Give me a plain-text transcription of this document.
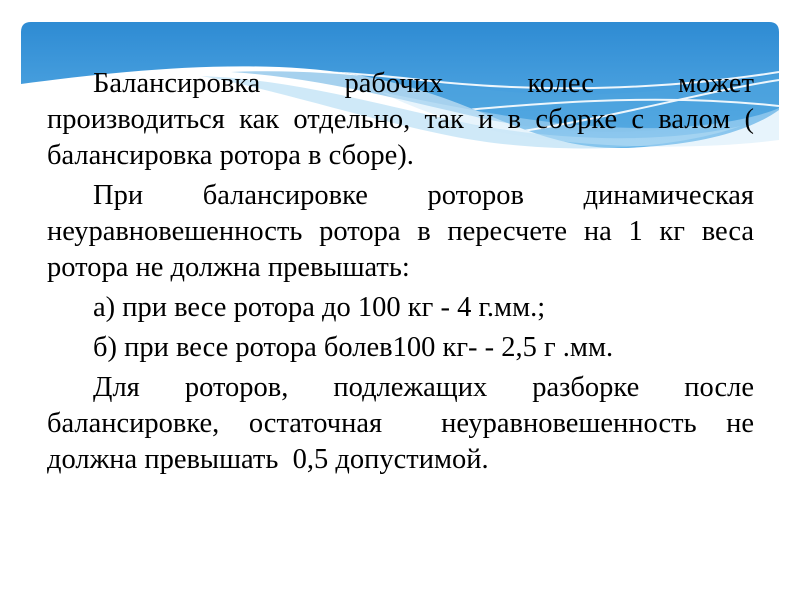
Балансировка рабочих колес может
производиться как отдельно, так и в сборке с валом (
балансировка ротора в сборе).
При балансировке роторов динамическая
неуравновешенность ротора в пересчете на 1 кг веса
ротора не должна превышать:
а) при весе ротора до 100 кг - 4 г.мм.;
б) при весе ротора болев100 кг- - 2,5 г .мм.
Для роторов, подлежащих разборке после
балансировке, остаточная  неуравновешенность не
должна превышать  0,5 допустимой.
